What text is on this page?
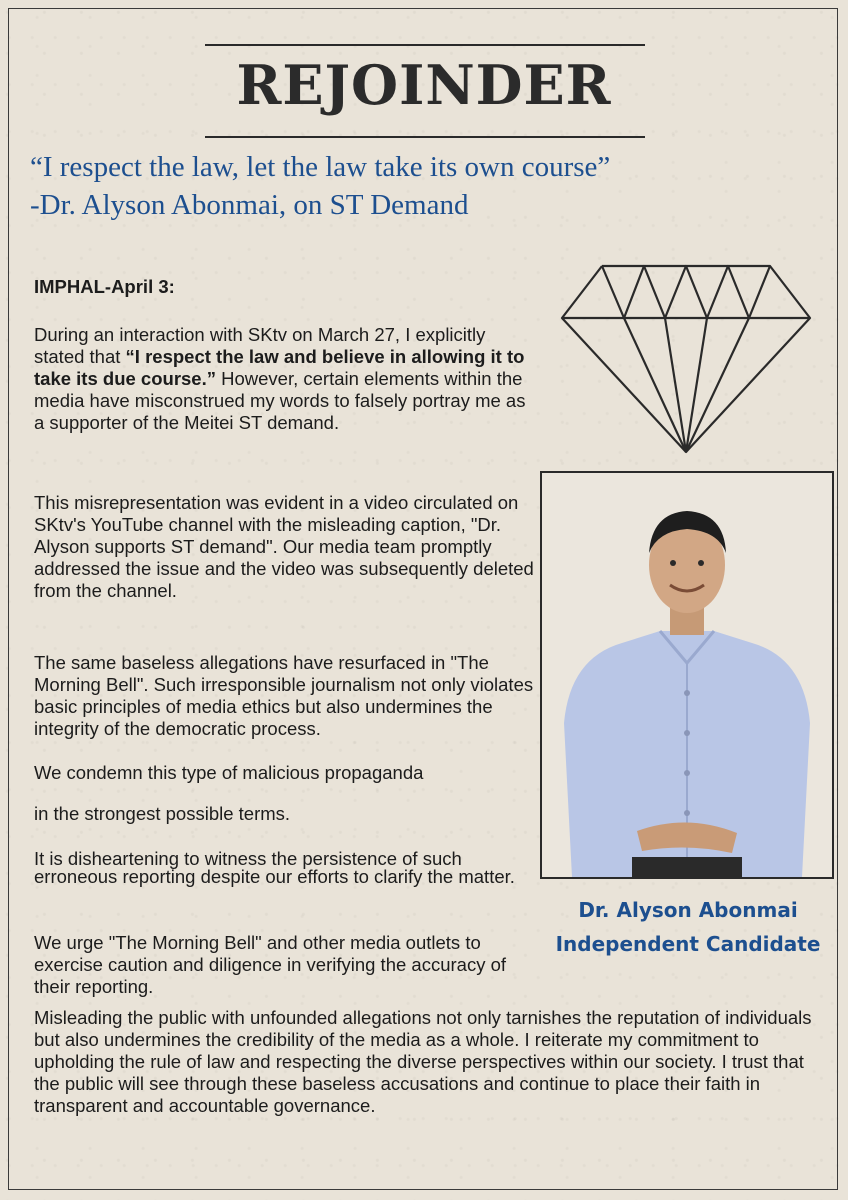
REJOINDER
“I respect the law, let the law take its own course”
-Dr. Alyson Abonmai, on ST Demand
IMPHAL-April 3:
During an interaction with SKtv on March 27, I explicitly stated that “I respect the law and believe in allowing it to take its due course.” However, certain elements within the media have misconstrued my words to falsely portray me as a supporter of the Meitei ST demand.
This misrepresentation was evident in a video circulated on SKtv's YouTube channel with the misleading caption, "Dr. Alyson supports ST demand". Our media team promptly addressed the issue and the video was subsequently deleted from the channel.
The same baseless allegations have resurfaced in "The Morning Bell". Such irresponsible journalism not only violates basic principles of media ethics but also undermines the integrity of the democratic process.
We condemn this type of malicious propaganda
in the strongest possible terms.
It is disheartening to witness the persistence of such erroneous reporting despite our efforts to clarify the matter.
We urge "The Morning Bell" and other media outlets to exercise caution and diligence in verifying the accuracy of their reporting.
Misleading the public with unfounded allegations not only tarnishes the reputation of individuals but also undermines the credibility of the media as a whole. I reiterate my commitment to upholding the rule of law and respecting the diverse perspectives within our society. I trust that the public will see through these baseless accusations and continue to place their faith in transparent and accountable governance.
Dr. Alyson Abonmai
Independent Candidate
